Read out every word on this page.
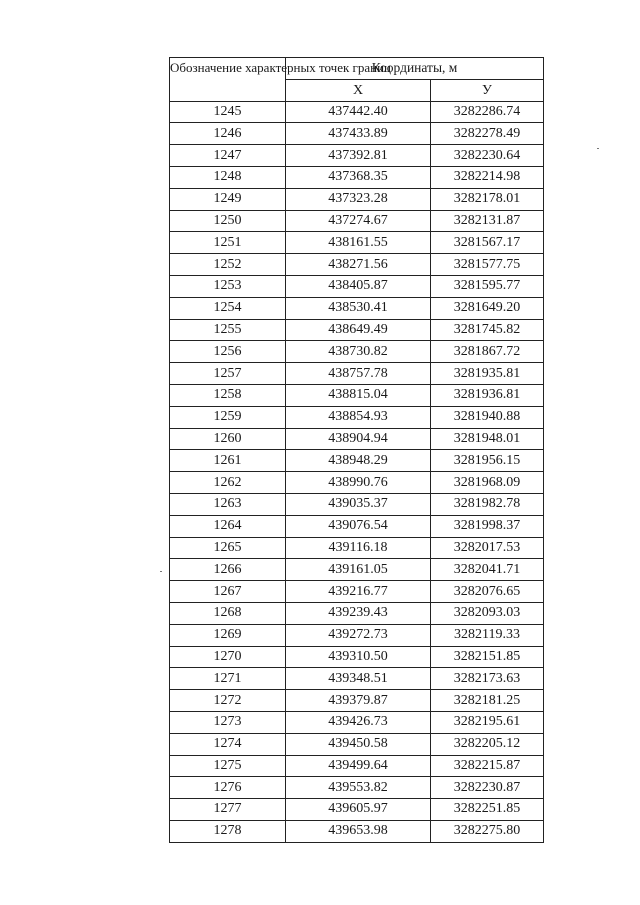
Обозначение характерных точек границ	Координаты, м	
	X	У
1245	437442.40	3282286.74
1246	437433.89	3282278.49
1247	437392.81	3282230.64
1248	437368.35	3282214.98
1249	437323.28	3282178.01
1250	437274.67	3282131.87
1251	438161.55	3281567.17
1252	438271.56	3281577.75
1253	438405.87	3281595.77
1254	438530.41	3281649.20
1255	438649.49	3281745.82
1256	438730.82	3281867.72
1257	438757.78	3281935.81
1258	438815.04	3281936.81
1259	438854.93	3281940.88
1260	438904.94	3281948.01
1261	438948.29	3281956.15
1262	438990.76	3281968.09
1263	439035.37	3281982.78
1264	439076.54	3281998.37
1265	439116.18	3282017.53
1266	439161.05	3282041.71
1267	439216.77	3282076.65
1268	439239.43	3282093.03
1269	439272.73	3282119.33
1270	439310.50	3282151.85
1271	439348.51	3282173.63
1272	439379.87	3282181.25
1273	439426.73	3282195.61
1274	439450.58	3282205.12
1275	439499.64	3282215.87
1276	439553.82	3282230.87
1277	439605.97	3282251.85
1278	439653.98	3282275.80
